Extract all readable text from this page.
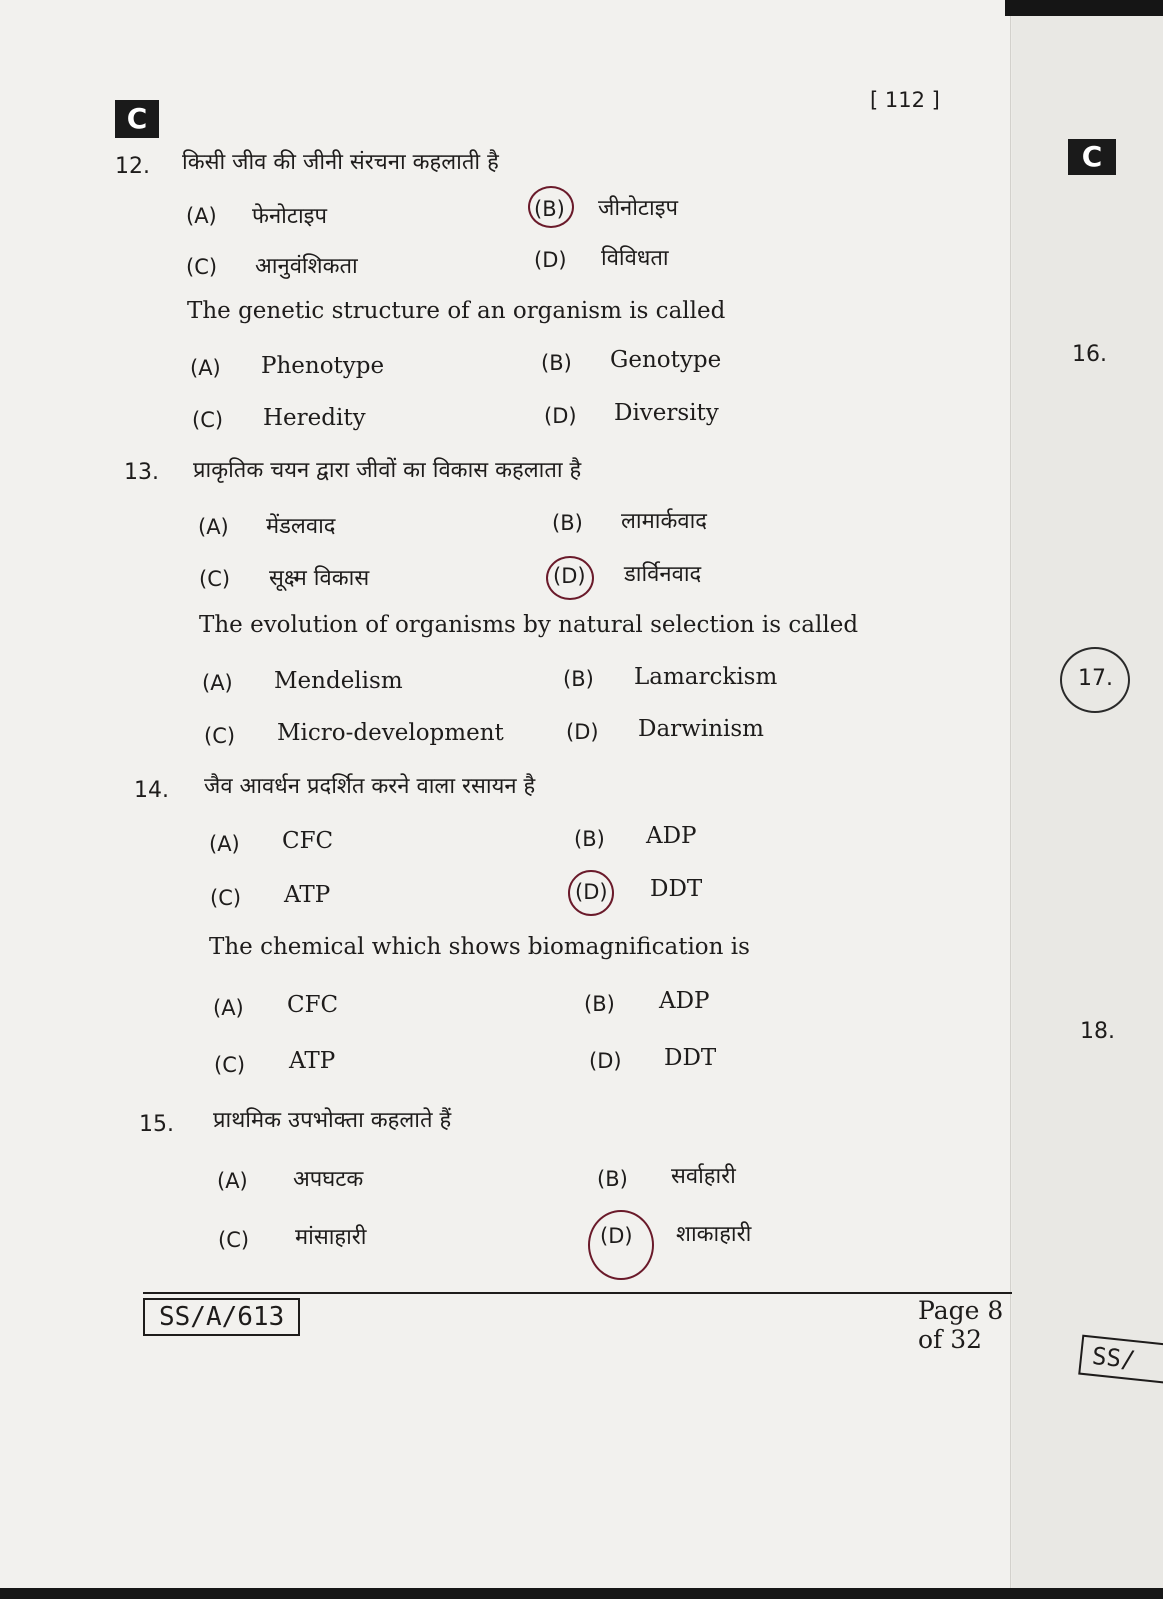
C
[ 112 ]
12. किसी जीव की जीनी संरचना कहलाती है
(A) फेनोटाइप	(B) जीनोटाइप
(C) आनुवंशिकता	(D) विविधता
The genetic structure of an organism is called
(A) Phenotype	(B) Genotype
(C) Heredity	(D) Diversity
13. प्राकृतिक चयन द्वारा जीवों का विकास कहलाता है
(A) मेंडलवाद	(B) लामार्कवाद
(C) सूक्ष्म विकास	(D) डार्विनवाद
The evolution of organisms by natural selection is called
(A) Mendelism	(B) Lamarckism
(C) Micro-development	(D) Darwinism
14. जैव आवर्धन प्रदर्शित करने वाला रसायन है
(A) CFC	(B) ADP
(C) ATP	(D) DDT
The chemical which shows biomagnification is
(A) CFC	(B) ADP
(C) ATP	(D) DDT
15. प्राथमिक उपभोक्ता कहलाते हैं
(A) अपघटक	(B) सर्वाहारी
(C) मांसाहारी	(D) शाकाहारी
SS/A/613	Page 8 of 32
C
16.
17.
18.
SS/
